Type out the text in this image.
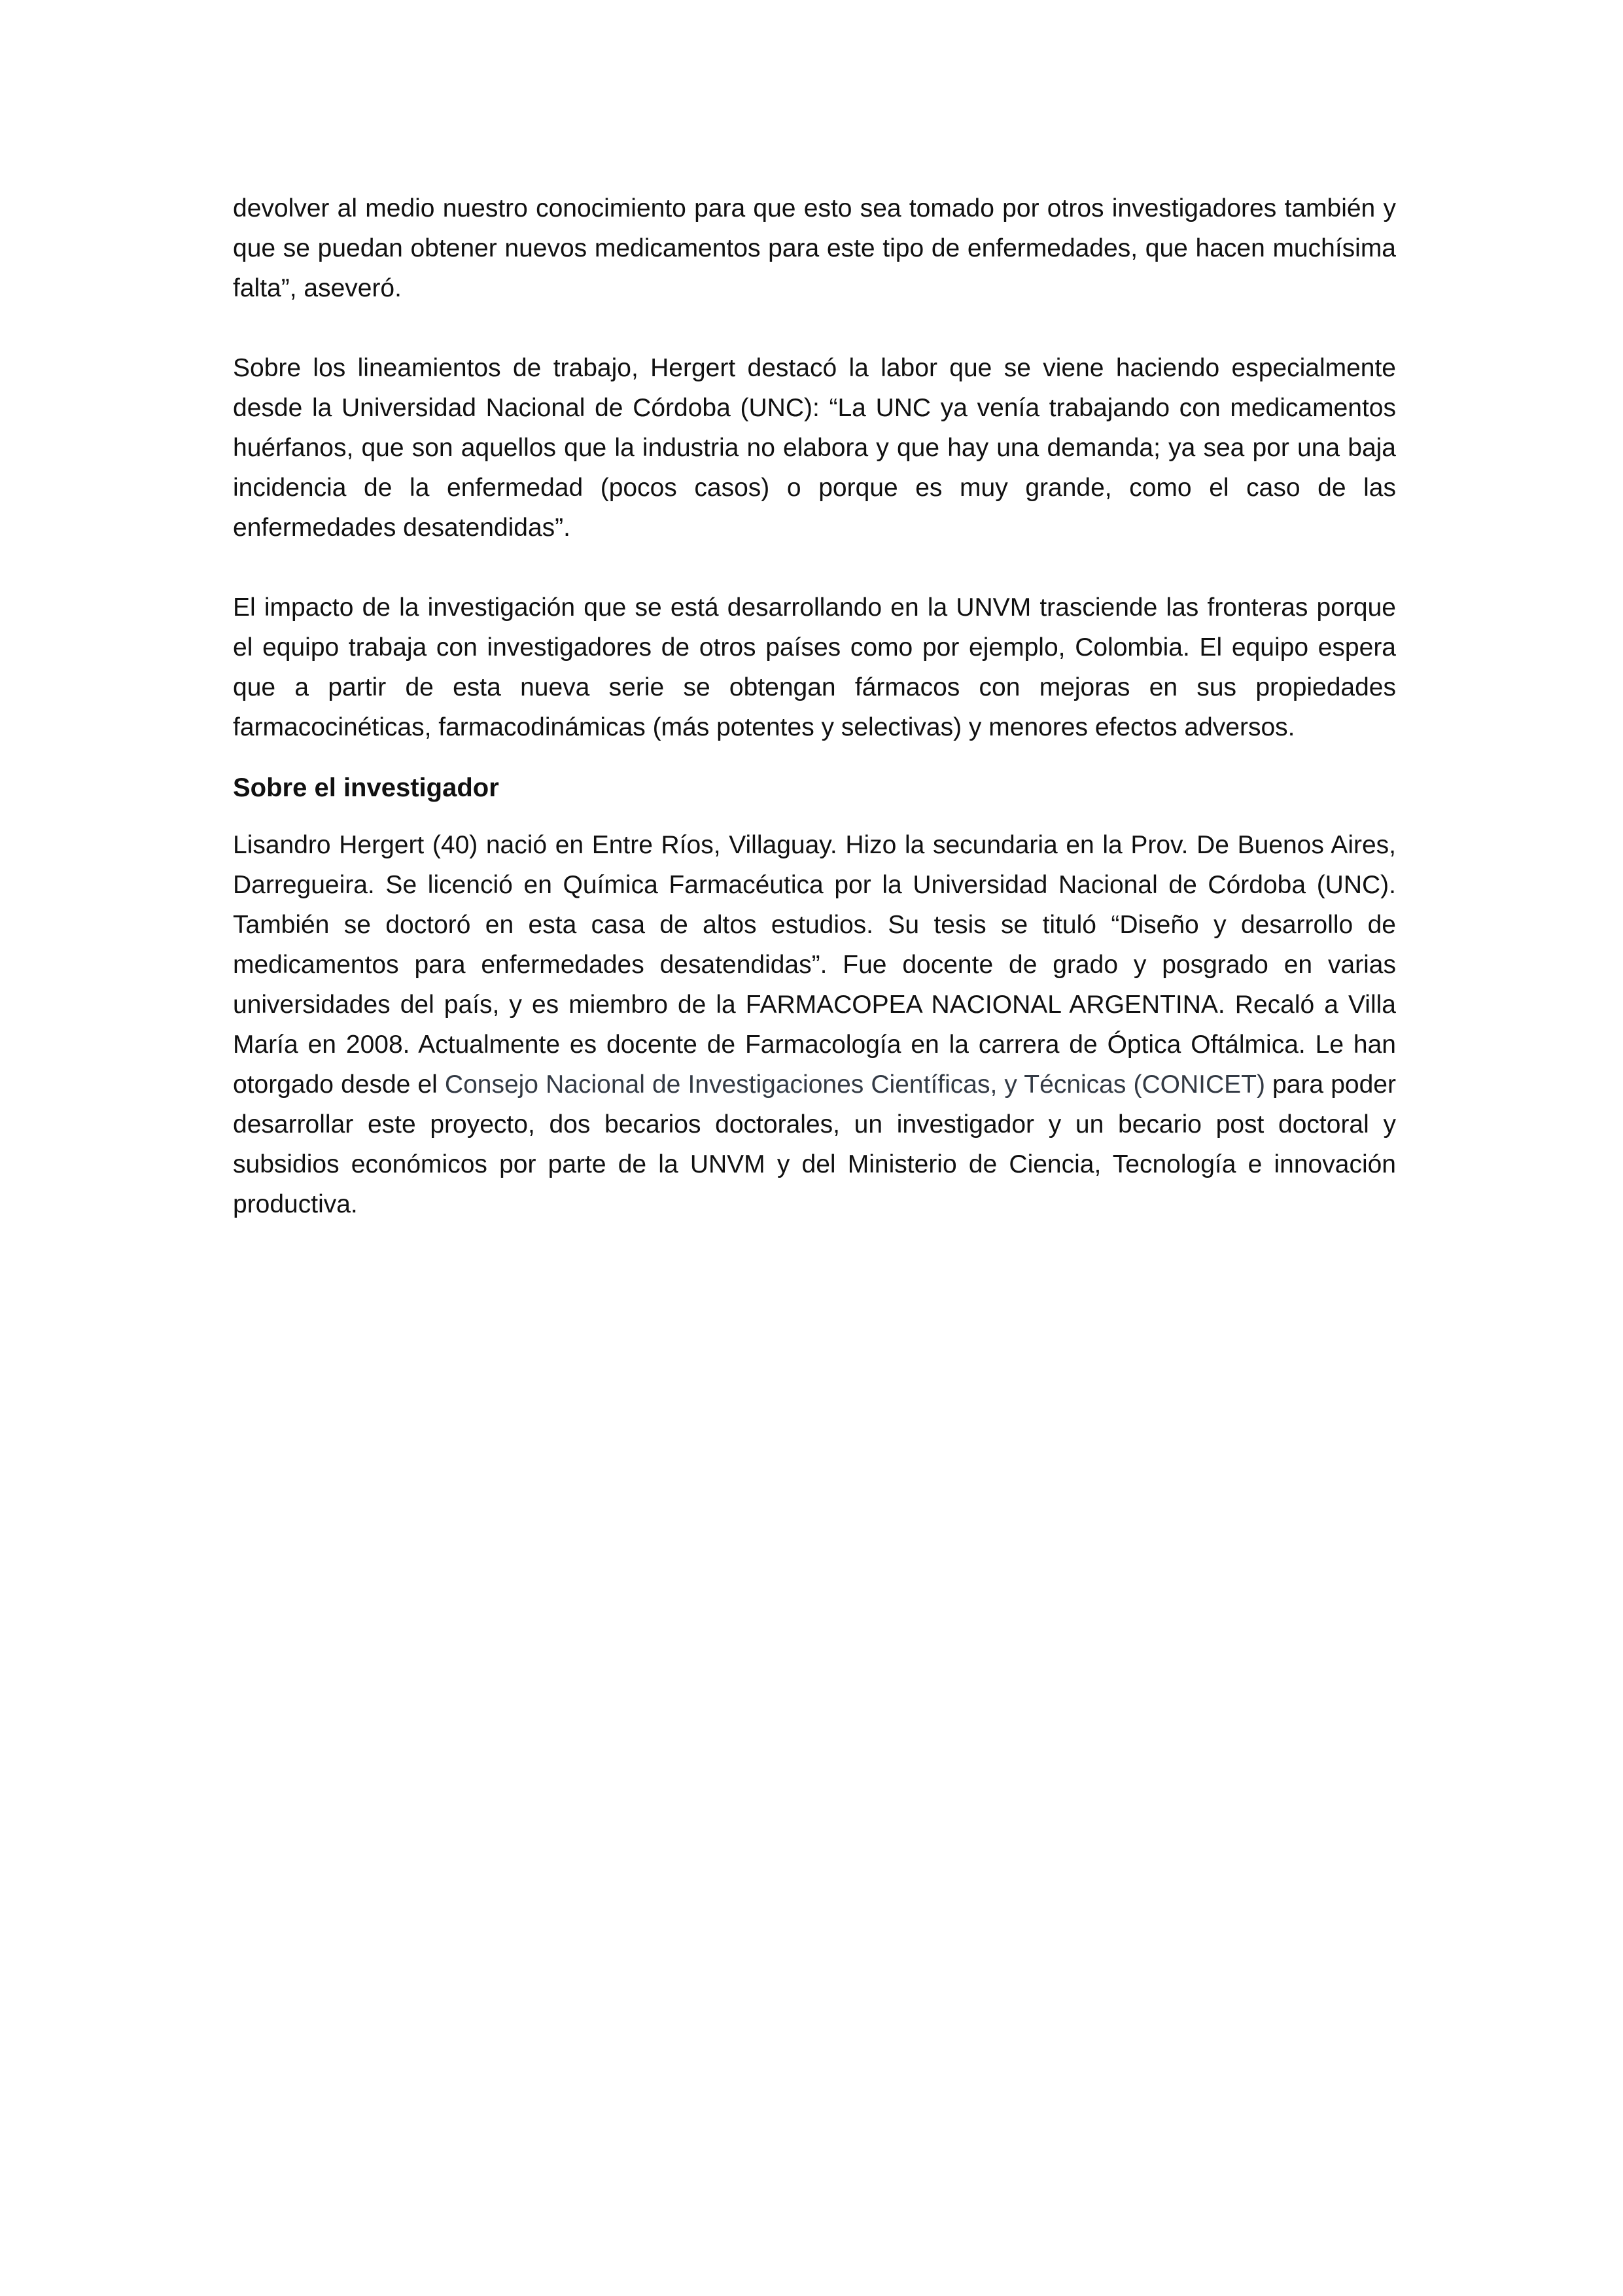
devolver al medio nuestro conocimiento para que esto sea tomado por otros investigadores también y que se puedan obtener nuevos medicamentos para este tipo de enfermedades, que hacen muchísima falta”, aseveró.

Sobre los lineamientos de trabajo, Hergert destacó la labor que se viene haciendo especialmente desde la Universidad Nacional de Córdoba (UNC): “La UNC ya venía trabajando con medicamentos huérfanos, que son aquellos que la industria no elabora y que hay una demanda; ya sea por una baja incidencia de la enfermedad (pocos casos) o porque es muy grande, como el caso de las enfermedades desatendidas”.

El impacto de la investigación que se está desarrollando en la UNVM trasciende las fronteras porque el equipo trabaja con investigadores de otros países como por ejemplo, Colombia. El equipo espera que a partir de esta nueva serie se obtengan fármacos con mejoras en sus propiedades farmacocinéticas, farmacodinámicas (más potentes y selectivas) y menores efectos adversos.

Sobre el investigador

Lisandro Hergert (40) nació en Entre Ríos, Villaguay. Hizo la secundaria en la Prov. De Buenos Aires, Darregueira. Se licenció en Química Farmacéutica por la Universidad Nacional de Córdoba (UNC). También se doctoró en esta casa de altos estudios. Su tesis se tituló “Diseño y desarrollo de medicamentos para enfermedades desatendidas”. Fue docente de grado y posgrado en varias universidades del país, y es miembro de la FARMACOPEA NACIONAL ARGENTINA. Recaló a Villa María en 2008. Actualmente es docente de Farmacología en la carrera de Óptica Oftálmica. Le han otorgado desde el Consejo Nacional de Investigaciones Científicas, y Técnicas (CONICET) para poder desarrollar este proyecto, dos becarios doctorales, un investigador y un becario post doctoral y subsidios económicos por parte de la UNVM y del Ministerio de Ciencia, Tecnología e innovación productiva.
